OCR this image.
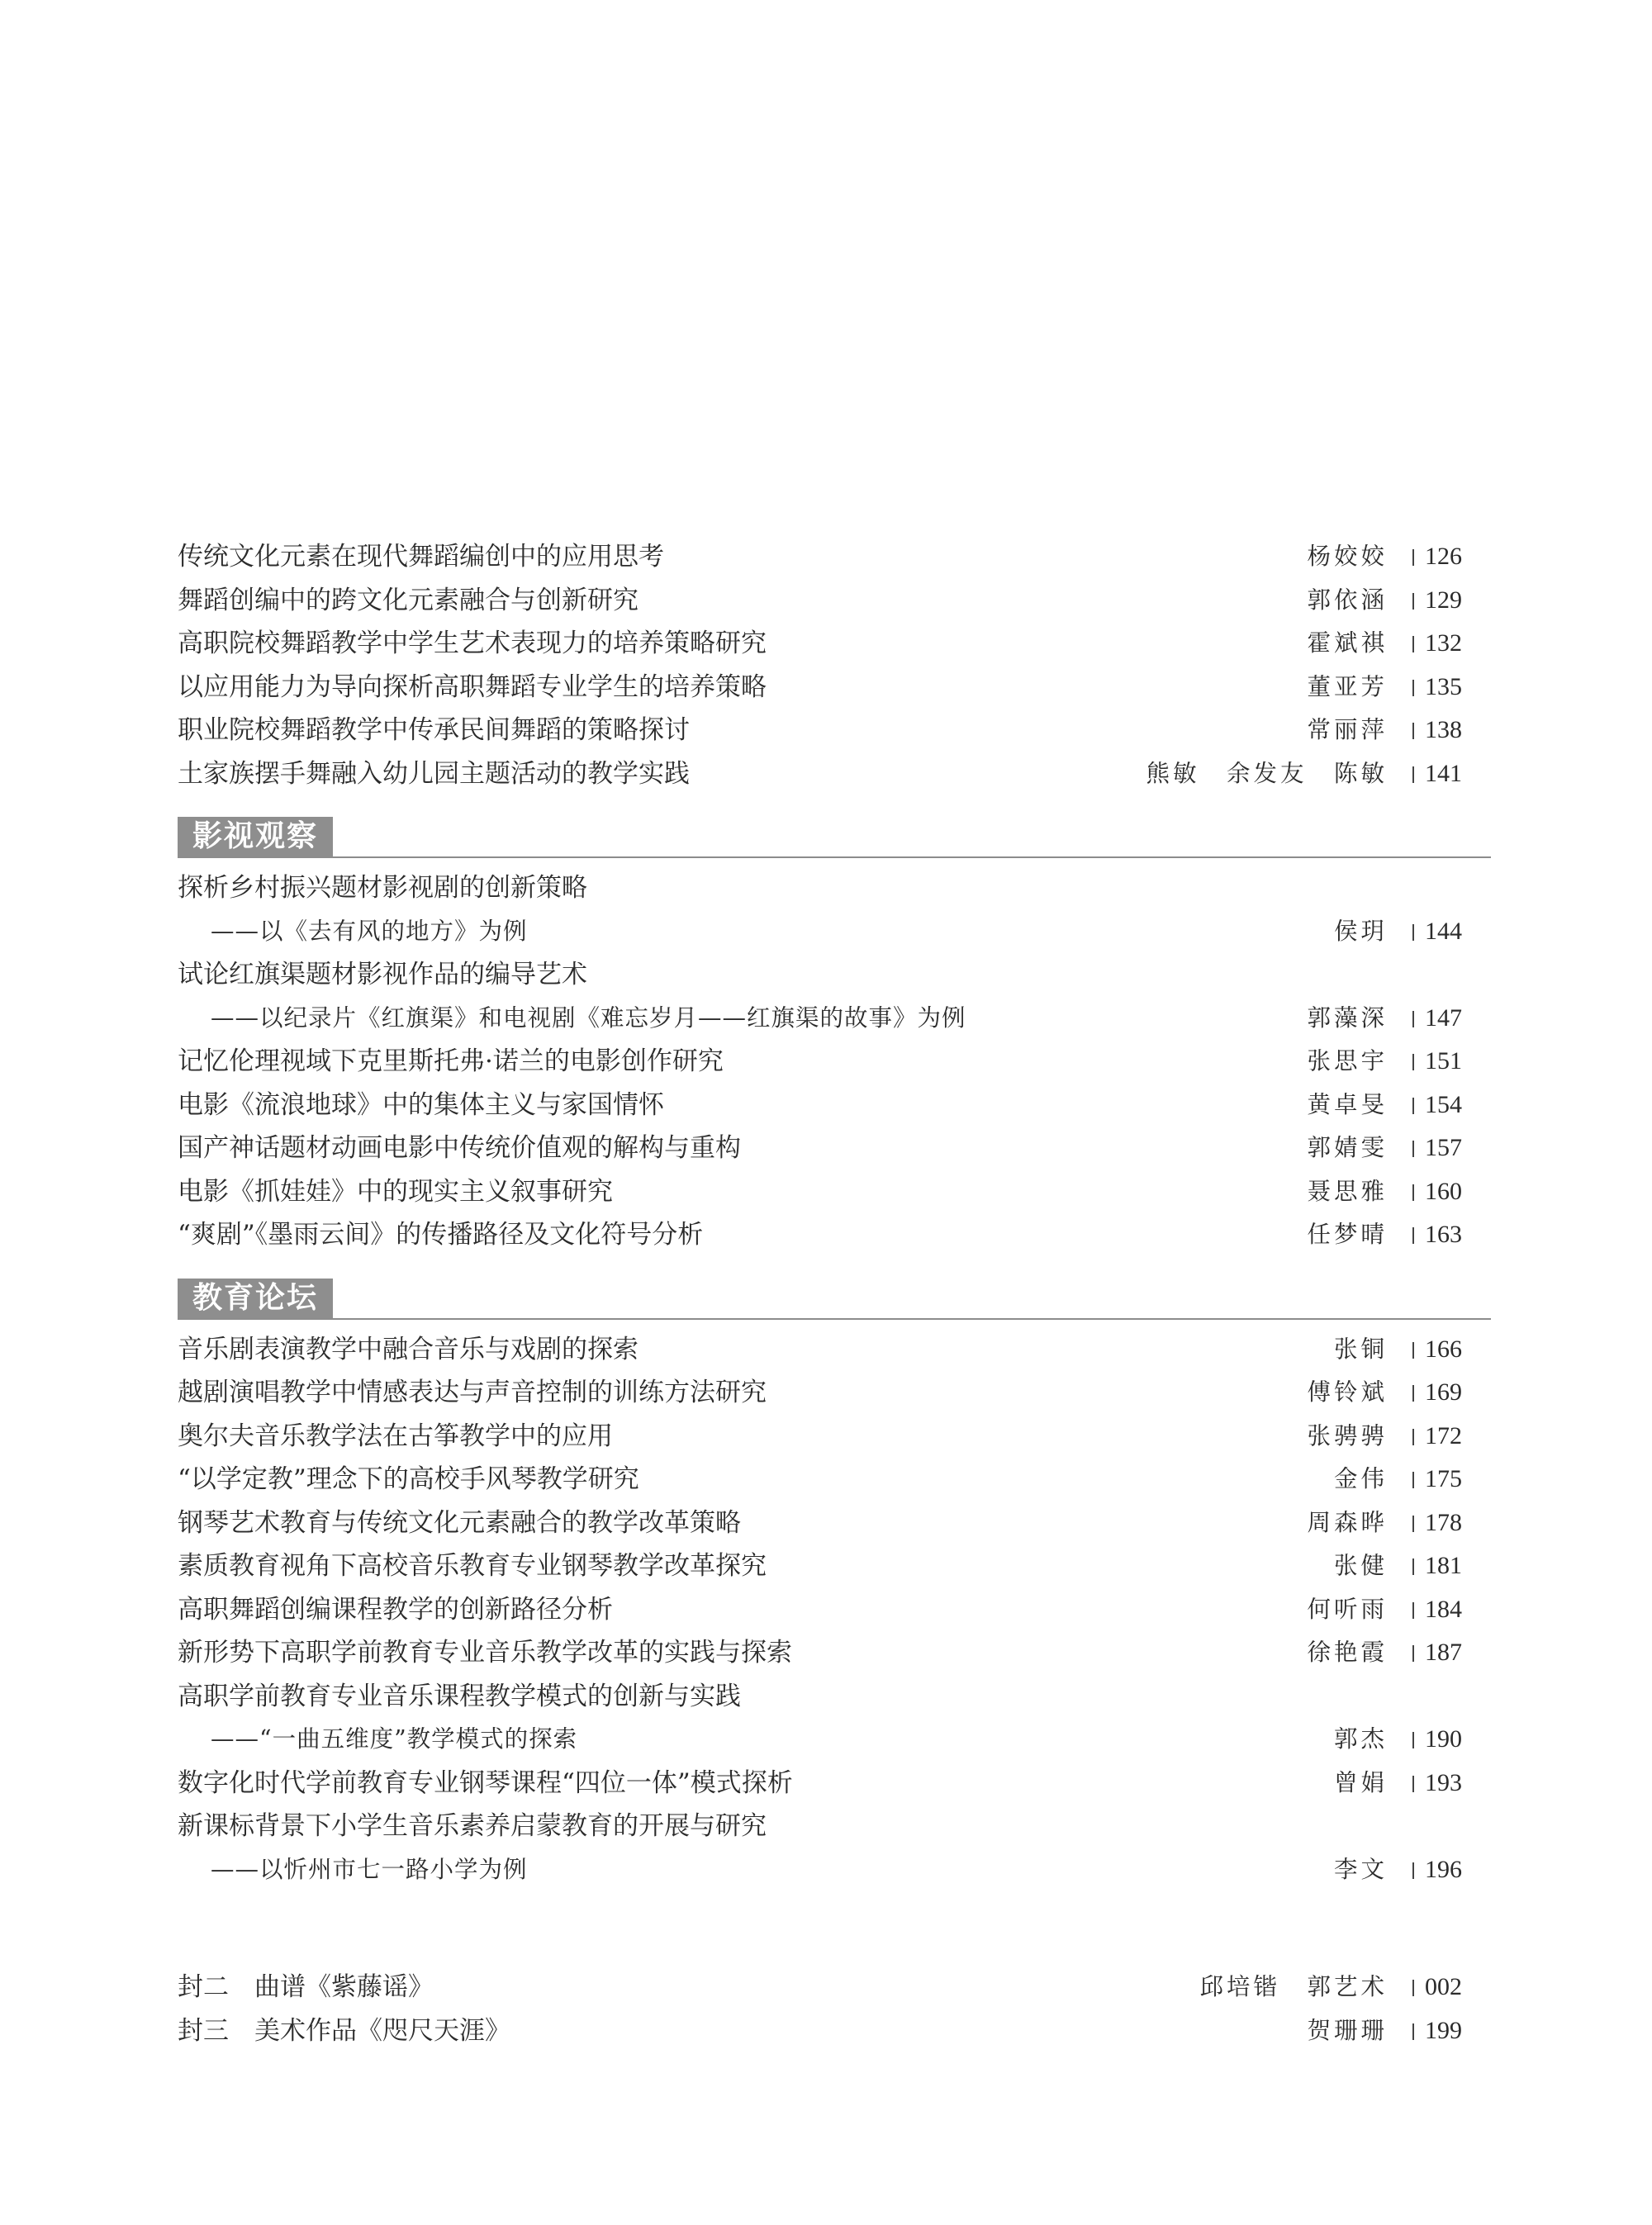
传统文化元素在现代舞蹈编创中的应用思考	杨姣姣 126
舞蹈创编中的跨文化元素融合与创新研究	郭依涵 129
高职院校舞蹈教学中学生艺术表现力的培养策略研究	霍斌祺 132
以应用能力为导向探析高职舞蹈专业学生的培养策略	董亚芳 135
职业院校舞蹈教学中传承民间舞蹈的策略探讨	常丽萍 138
土家族摆手舞融入幼儿园主题活动的教学实践	熊敏　余发友　陈敏 141
影视观察
探析乡村振兴题材影视剧的创新策略
——以《去有风的地方》为例	侯玥 144
试论红旗渠题材影视作品的编导艺术
——以纪录片《红旗渠》和电视剧《难忘岁月——红旗渠的故事》为例	郭藻深 147
记忆伦理视域下克里斯托弗·诺兰的电影创作研究	张思宇 151
电影《流浪地球》中的集体主义与家国情怀	黄卓旻 154
国产神话题材动画电影中传统价值观的解构与重构	郭婧雯 157
电影《抓娃娃》中的现实主义叙事研究	聂思雅 160
“爽剧”《墨雨云间》的传播路径及文化符号分析	任梦晴 163
教育论坛
音乐剧表演教学中融合音乐与戏剧的探索	张铜 166
越剧演唱教学中情感表达与声音控制的训练方法研究	傅铃斌 169
奥尔夫音乐教学法在古筝教学中的应用	张骋骋 172
“以学定教”理念下的高校手风琴教学研究	金伟 175
钢琴艺术教育与传统文化元素融合的教学改革策略	周森晔 178
素质教育视角下高校音乐教育专业钢琴教学改革探究	张健 181
高职舞蹈创编课程教学的创新路径分析	何听雨 184
新形势下高职学前教育专业音乐教学改革的实践与探索	徐艳霞 187
高职学前教育专业音乐课程教学模式的创新与实践
——“一曲五维度”教学模式的探索	郭杰 190
数字化时代学前教育专业钢琴课程“四位一体”模式探析	曾娟 193
新课标背景下小学生音乐素养启蒙教育的开展与研究
——以忻州市七一路小学为例	李文 196
封二　曲谱《紫藤谣》	邱培锴　郭艺术 002
封三　美术作品《咫尺天涯》	贺珊珊 199
